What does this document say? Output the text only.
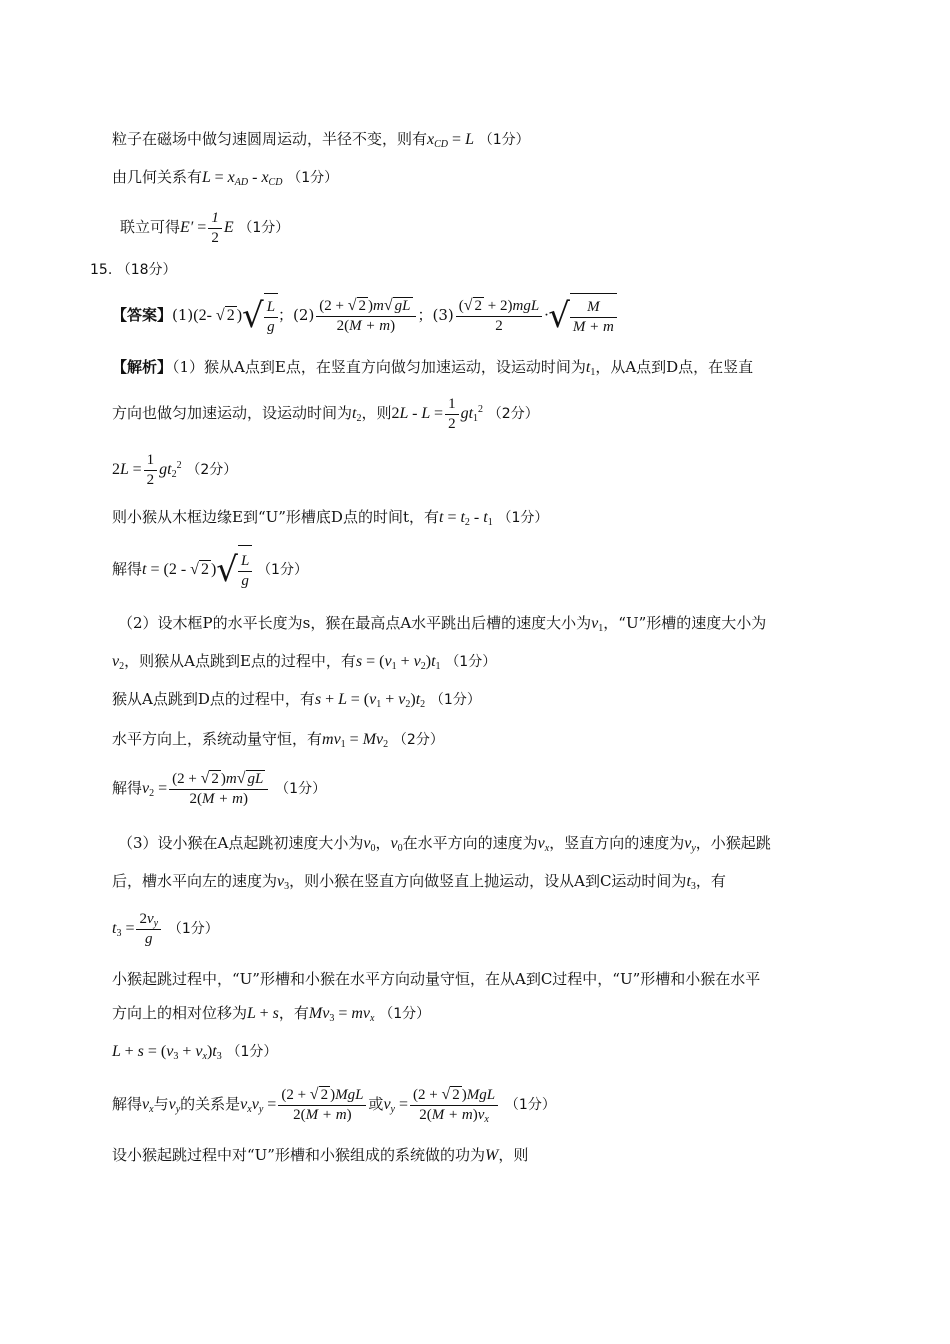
粒子在磁场中做匀速圆周运动，半径不变，则有$x_{CD} = L$ （1分）
由几何关系有$L = x_{AD} - x_{CD}$ （1分）
联立可得$E' = \frac{1}{2}$ E （1分）
15. （18分）
【答案】(1)(2- √ 2 )√ $\frac{L}{g}$ ；$(2) \frac{(2 + √ 2 )m√ gL}{2(M + m)}$ ；$(3) \frac{\text{(√ 2 + 2)mgL}}{2}$ ·√ $\frac{M}{M + m}$
【解析】（1）猴从A点到E点，在竖直方向做匀加速运动，设运动时间为$t_1$，从A点到D点，在竖直
方向也做匀加速运动，设运动时间为$t_2$，则$2L - L = \frac{1}{2} gt_1^2$ （2分）
$2L = \frac{1}{2} gt_2^2$ （2分）
则小猴从木框边缘E到“U”形槽底D点的时间t，有$t = t_2 - t_1$ （1分）
解得t = (2 - √ 2 )√ $\frac{L}{g} (1$分）
（2）设木框P的水平长度为s，猴在最高点A水平跳出后槽的速度大小为$v_1$，“U”形槽的速度大小为
$v_2$，则猴从A点跳到E点的过程中，有$s = (v_1 + v_2)t_1$ （1分）
猴从A点跳到D点的过程中，有$s + L = (v_1 + v_2)t_2$ （1分）
水平方向上，系统动量守恒，有$mv_1 = Mv_2$ （2分）
解得$v_2 = \frac{(2 + √ 2 )m√ gL}{2(M + m)} (1$分）
（3）设小猴在A点起跳初速度大小为$v_0$，$v_0$在水平方向的速度为$v_x$，竖直方向的速度为$v_y$，小猴起跳
后，槽水平向左的速度为$v_3$，则小猴在竖直方向做竖直上抛运动，设从A到C运动时间为$t_3$，有
$t_3 = \frac{2v_y}{g} (1$分）
小猴起跳过程中，“U”形槽和小猴在水平方向动量守恒，在从A到C过程中，“U”形槽和小猴在水平
方向上的相对位移为L + s，有$Mv_3 = mv_x$ （1分）
$L + s = (v_3 + v_x)t_3$ （1分）
解得$v_x$与$v_y$的关系是$v_xv_y = \frac{\text{(2 + √ 2 )MgL}}{2(M + m)}$ 或$v_y = \frac{\text{(2 + √ 2 )MgL}}{2(M + m)v_x} (1$分）
设小猴起跳过程中对“U”形槽和小猴组成的系统做的功为W，则
